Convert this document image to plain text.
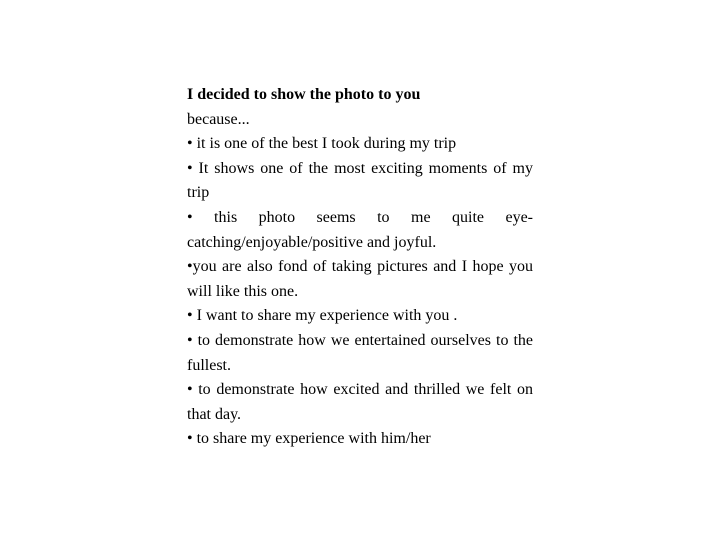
I decided to show the photo to you

because...

• it is one of the best I took during my trip

• It shows one of the most exciting moments of my trip

• this photo seems to me quite eye-catching/enjoyable/positive and joyful.

•you are also fond of taking pictures and I hope you will like this one.

• I want to share my experience with you .

• to demonstrate how we entertained ourselves to the fullest.

• to demonstrate how excited and thrilled we felt on that day.

• to share my experience with him/her
